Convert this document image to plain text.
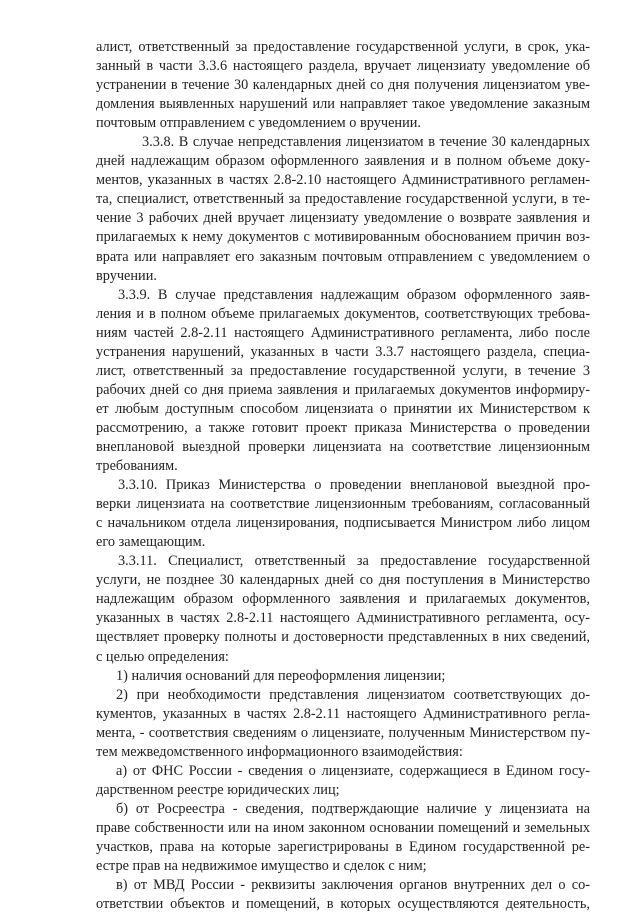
алист, ответственный за предоставление государственной услуги, в срок, ука-
занный в части 3.3.6 настоящего раздела, вручает лицензиату уведомление об
устранении в течение 30 календарных дней со дня получения лицензиатом уве-
домления выявленных нарушений или направляет такое уведомление заказным
почтовым отправлением с уведомлением о вручении.
3.3.8. В случае непредставления лицензиатом в течение 30 календарных
дней надлежащим образом оформленного заявления и в полном объеме доку-
ментов, указанных в частях 2.8-2.10 настоящего Административного регламен-
та, специалист, ответственный за предоставление государственной услуги, в те-
чение 3 рабочих дней вручает лицензиату уведомление о возврате заявления и
прилагаемых к нему документов с мотивированным обоснованием причин воз-
врата или направляет его заказным почтовым отправлением с уведомлением о
вручении.
3.3.9. В случае представления надлежащим образом оформленного заяв-
ления и в полном объеме прилагаемых документов, соответствующих требова-
ниям частей 2.8-2.11 настоящего Административного регламента, либо после
устранения нарушений, указанных в части 3.3.7 настоящего раздела, специа-
лист, ответственный за предоставление государственной услуги, в течение 3
рабочих дней со дня приема заявления и прилагаемых документов информиру-
ет любым доступным способом лицензиата о принятии их Министерством к
рассмотрению, а также готовит проект приказа Министерства о проведении
внеплановой выездной проверки лицензиата на соответствие лицензионным
требованиям.
3.3.10. Приказ Министерства о проведении внеплановой выездной про-
верки лицензиата на соответствие лицензионным требованиям, согласованный
с начальником отдела лицензирования, подписывается Министром либо лицом
его замещающим.
3.3.11. Специалист, ответственный за предоставление государственной
услуги, не позднее 30 календарных дней со дня поступления в Министерство
надлежащим образом оформленного заявления и прилагаемых документов,
указанных в частях 2.8-2.11 настоящего Административного регламента, осу-
ществляет проверку полноты и достоверности представленных в них сведений,
с целью определения:
1) наличия оснований для переоформления лицензии;
2) при необходимости представления лицензиатом соответствующих до-
кументов, указанных в частях 2.8-2.11 настоящего Административного регла-
мента, - соответствия сведениям о лицензиате, полученным Министерством пу-
тем межведомственного информационного взаимодействия:
а) от ФНС России - сведения о лицензиате, содержащиеся в Едином госу-
дарственном реестре юридических лиц;
б) от Росреестра - сведения, подтверждающие наличие у лицензиата на
праве собственности или на ином законном основании помещений и земельных
участков, права на которые зарегистрированы в Едином государственной ре-
естре прав на недвижимое имущество и сделок с ним;
в) от МВД России - реквизиты заключения органов внутренних дел о со-
ответствии объектов и помещений, в которых осуществляются деятельность,
